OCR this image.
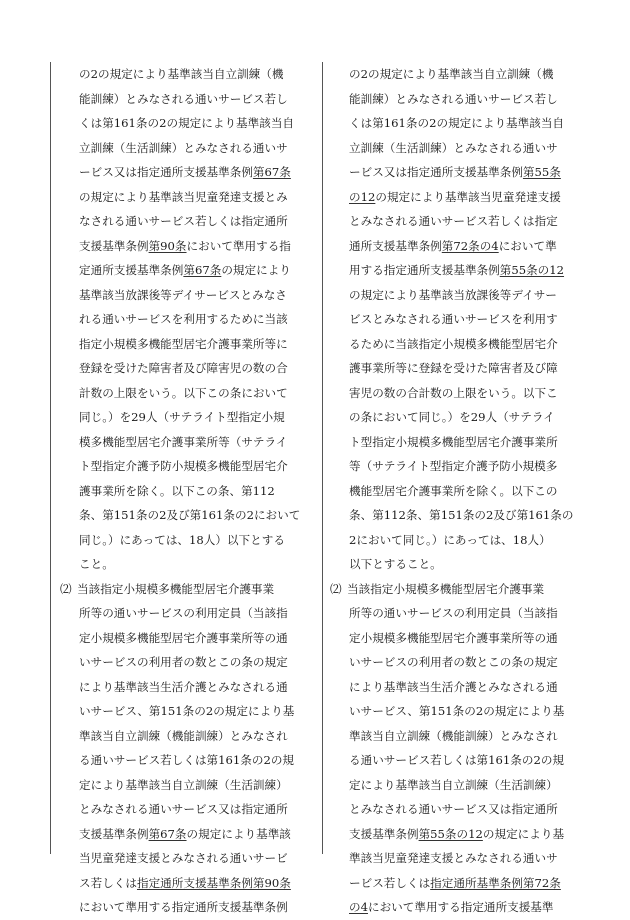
の2の規定により基準該当自立訓練（機
能訓練）とみなされる通いサービス若し
くは第161条の2の規定により基準該当自
立訓練（生活訓練）とみなされる通いサ
ービス又は指定通所支援基準条例第67条
の規定により基準該当児童発達支援とみ
なされる通いサービス若しくは指定通所
支援基準条例第90条において準用する指
定通所支援基準条例第67条の規定により
基準該当放課後等デイサービスとみなさ
れる通いサービスを利用するために当該
指定小規模多機能型居宅介護事業所等に
登録を受けた障害者及び障害児の数の合
計数の上限をいう。以下この条において
同じ。）を29人（サテライト型指定小規
模多機能型居宅介護事業所等（サテライ
ト型指定介護予防小規模多機能型居宅介
護事業所を除く。以下この条、第112
条、第151条の2及び第161条の2において
同じ。）にあっては、18人）以下とする
こと。
⑵ 当該指定小規模多機能型居宅介護事業
所等の通いサービスの利用定員（当該指
定小規模多機能型居宅介護事業所等の通
いサービスの利用者の数とこの条の規定
により基準該当生活介護とみなされる通
いサービス、第151条の2の規定により基
準該当自立訓練（機能訓練）とみなされ
る通いサービス若しくは第161条の2の規
定により基準該当自立訓練（生活訓練）
とみなされる通いサービス又は指定通所
支援基準条例第67条の規定により基準該
当児童発達支援とみなされる通いサービ
ス若しくは指定通所支援基準条例第90条
において準用する指定通所支援基準条例
の2の規定により基準該当自立訓練（機
能訓練）とみなされる通いサービス若し
くは第161条の2の規定により基準該当自
立訓練（生活訓練）とみなされる通いサ
ービス又は指定通所支援基準条例第55条
の12の規定により基準該当児童発達支援
とみなされる通いサービス若しくは指定
通所支援基準条例第72条の4において準
用する指定通所支援基準条例第55条の12
の規定により基準該当放課後等デイサー
ビスとみなされる通いサービスを利用す
るために当該指定小規模多機能型居宅介
護事業所等に登録を受けた障害者及び障
害児の数の合計数の上限をいう。以下こ
の条において同じ。）を29人（サテライ
ト型指定小規模多機能型居宅介護事業所
等（サテライト型指定介護予防小規模多
機能型居宅介護事業所を除く。以下この
条、第112条、第151条の2及び第161条の
2において同じ。）にあっては、18人）
以下とすること。
⑵ 当該指定小規模多機能型居宅介護事業
所等の通いサービスの利用定員（当該指
定小規模多機能型居宅介護事業所等の通
いサービスの利用者の数とこの条の規定
により基準該当生活介護とみなされる通
いサービス、第151条の2の規定により基
準該当自立訓練（機能訓練）とみなされ
る通いサービス若しくは第161条の2の規
定により基準該当自立訓練（生活訓練）
とみなされる通いサービス又は指定通所
支援基準条例第55条の12の規定により基
準該当児童発達支援とみなされる通いサ
ービス若しくは指定通所基準条例第72条
の4において準用する指定通所支援基準
